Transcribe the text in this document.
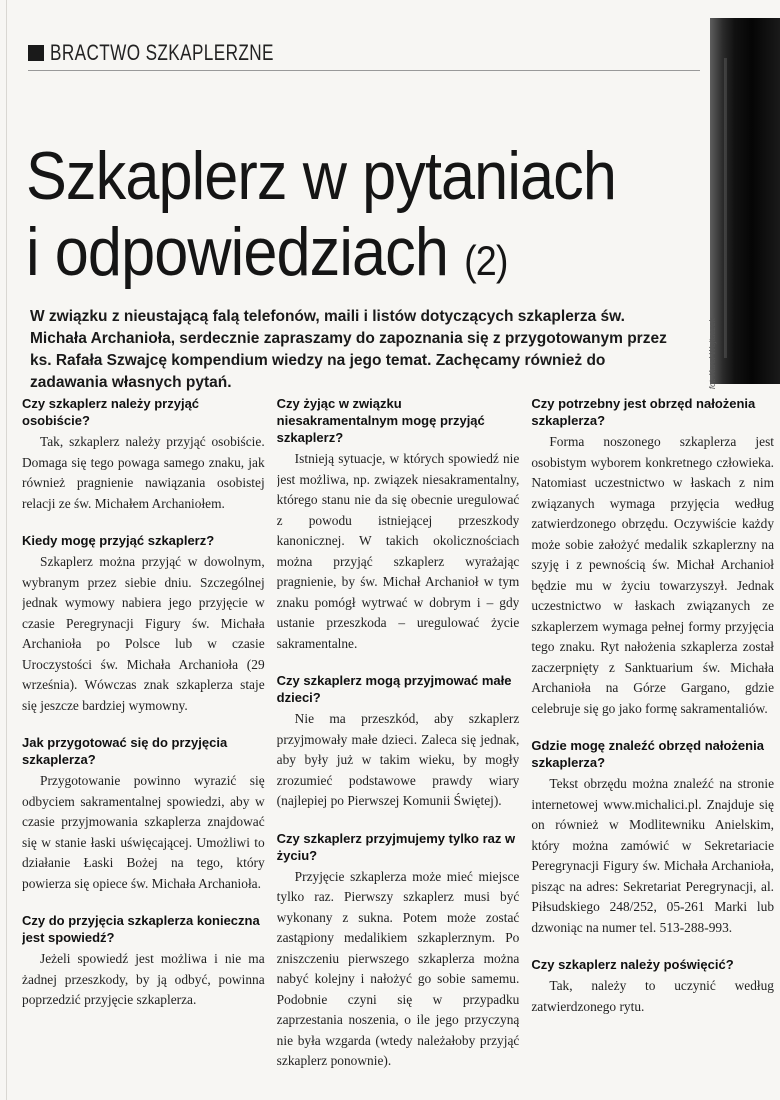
fot. Karol Wojtaczek
BRACTWO SZKAPLERZNE
Szkaplerz w pytaniach
i odpowiedziach (2)

W związku z nieustającą falą telefonów, maili i listów dotyczących szkaplerza św. Michała Archanioła, serdecznie zapraszamy do zapoznania się z przygotowanym przez ks. Rafała Szwajcę kompendium wiedzy na jego temat. Zachęcamy również do zadawania własnych pytań.

Czy szkaplerz należy przyjąć osobiście?

Tak, szkaplerz należy przyjąć osobiście. Domaga się tego powaga samego znaku, jak również pragnienie nawiązania osobistej relacji ze św. Michałem Archaniołem.

Kiedy mogę przyjąć szkaplerz?

Szkaplerz można przyjąć w dowolnym, wybranym przez siebie dniu. Szczególnej jednak wymowy nabiera jego przyjęcie w czasie Peregrynacji Figury św. Michała Archanioła po Polsce lub w czasie Uroczystości św. Michała Archanioła (29 września). Wówczas znak szkaplerza staje się jeszcze bardziej wymowny.

Jak przygotować się do przyjęcia szkaplerza?

Przygotowanie powinno wyrazić się odbyciem sakramentalnej spowiedzi, aby w czasie przyjmowania szkaplerza znajdować się w stanie łaski uświęcającej. Umożliwi to działanie Łaski Bożej na tego, który powierza się opiece św. Michała Archanioła.

Czy do przyjęcia szkaplerza konieczna jest spowiedź?

Jeżeli spowiedź jest możliwa i nie ma żadnej przeszkody, by ją odbyć, powinna poprzedzić przyjęcie szkaplerza.

Czy żyjąc w związku niesakramentalnym mogę przyjąć szkaplerz?

Istnieją sytuacje, w których spowiedź nie jest możliwa, np. związek niesakramentalny, którego stanu nie da się obecnie uregulować z powodu istniejącej przeszkody kanonicznej. W takich okolicznościach można przyjąć szkaplerz wyrażając pragnienie, by św. Michał Archanioł w tym znaku pomógł wytrwać w dobrym i – gdy ustanie przeszkoda – uregulować życie sakramentalne.

Czy szkaplerz mogą przyjmować małe dzieci?

Nie ma przeszkód, aby szkaplerz przyjmowały małe dzieci. Zaleca się jednak, aby były już w takim wieku, by mogły zrozumieć podstawowe prawdy wiary (najlepiej po Pierwszej Komunii Świętej).

Czy szkaplerz przyjmujemy tylko raz w życiu?

Przyjęcie szkaplerza może mieć miejsce tylko raz. Pierwszy szkaplerz musi być wykonany z sukna. Potem może zostać zastąpiony medalikiem szkaplerznym. Po zniszczeniu pierwszego szkaplerza można nabyć kolejny i nałożyć go sobie samemu. Podobnie czyni się w przypadku zaprzestania noszenia, o ile jego przyczyną nie była wzgarda (wtedy należałoby przyjąć szkaplerz ponownie).

Czy potrzebny jest obrzęd nałożenia szkaplerza?

Forma noszonego szkaplerza jest osobistym wyborem konkretnego człowieka. Natomiast uczestnictwo w łaskach z nim związanych wymaga przyjęcia według zatwierdzonego obrzędu. Oczywiście każdy może sobie założyć medalik szkaplerzny na szyję i z pewnością św. Michał Archanioł będzie mu w życiu towarzyszył. Jednak uczestnictwo w łaskach związanych ze szkaplerzem wymaga pełnej formy przyjęcia tego znaku. Ryt nałożenia szkaplerza został zaczerpnięty z Sanktuarium św. Michała Archanioła na Górze Gargano, gdzie celebruje się go jako formę sakramentaliów.

Gdzie mogę znaleźć obrzęd nałożenia szkaplerza?

Tekst obrzędu można znaleźć na stronie internetowej www.michalici.pl. Znajduje się on również w Modlitewniku Anielskim, który można zamówić w Sekretariacie Peregrynacji Figury św. Michała Archanioła, pisząc na adres: Sekretariat Peregrynacji, al. Piłsudskiego 248/252, 05-261 Marki lub dzwoniąc na numer tel. 513-288-993.

Czy szkaplerz należy poświęcić?

Tak, należy to uczynić według zatwierdzonego rytu.
